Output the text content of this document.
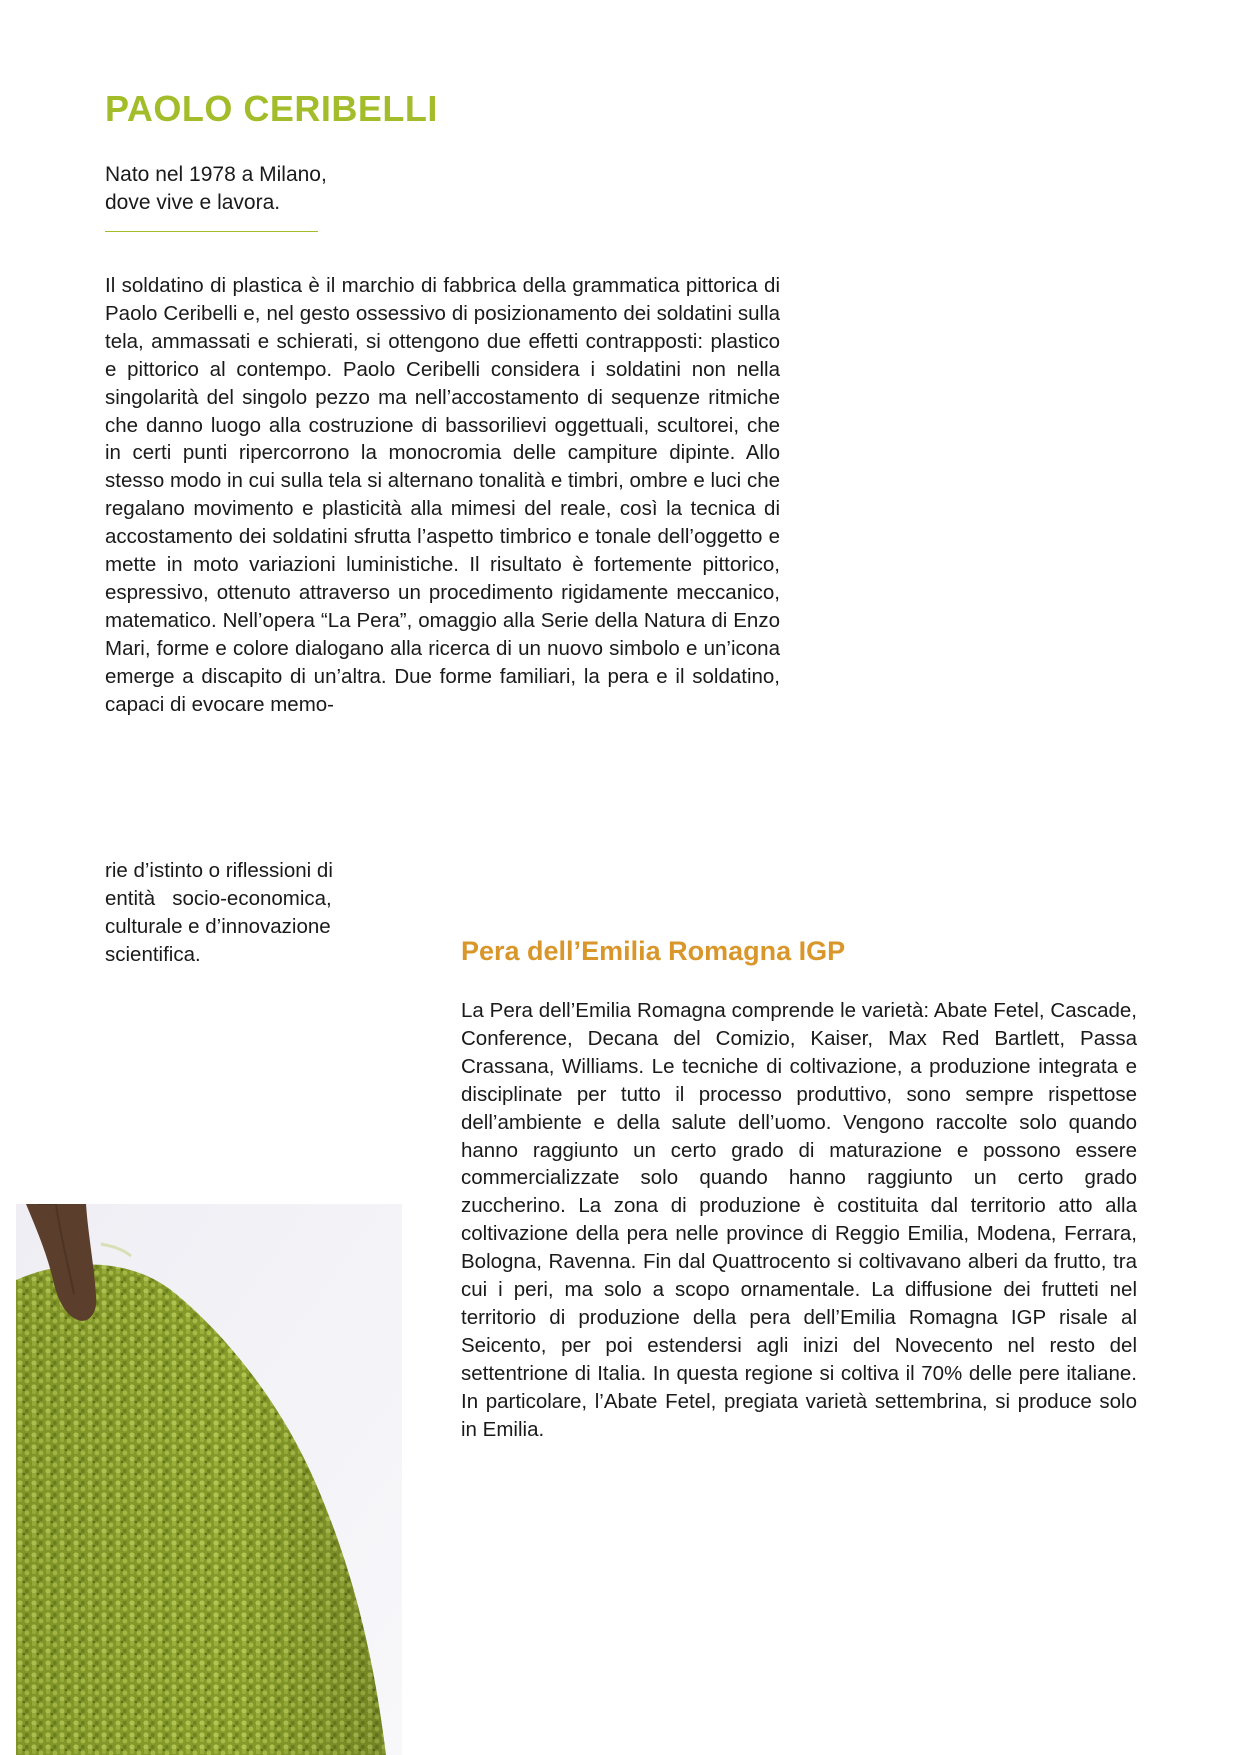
PAOLO CERIBELLI

Nato nel 1978 a Milano,
dove vive e lavora.

Il soldatino di plastica è il marchio di fabbrica della grammatica pittorica di Paolo Ceribelli e, nel gesto ossessivo di posizionamento dei soldatini sulla tela, ammassati e schierati, si ottengono due effetti contrapposti: plastico e pittorico al contempo. Paolo Ceribelli considera i soldatini non nella singolarità del singolo pezzo ma nell’accostamento di sequenze ritmiche che danno luogo alla costruzione di bassorilievi oggettuali, scultorei, che in certi punti ripercorrono la monocromia delle campiture dipinte. Allo stesso modo in cui sulla tela si alternano tonalità e timbri, ombre e luci che regalano movimento e plasticità alla mimesi del reale, così la tecnica di accostamento dei soldatini sfrutta l’aspetto timbrico e tonale dell’oggetto e mette in moto variazioni luministiche. Il risultato è fortemente pittorico, espressivo, ottenuto attraverso un procedimento rigidamente meccanico, matematico. Nell’opera “La Pera”, omaggio alla Serie della Natura di Enzo Mari, forme e colore dialogano alla ricerca di un nuovo simbolo e un’icona emerge a discapito di un’altra. Due forme familiari, la pera e il soldatino, capaci di evocare memo-

rie d’istinto o riflessioni di
entità   socio-economica,
culturale e d’innovazione
scientifica.	Pera dell’Emilia Romagna IGP

La Pera dell’Emilia Romagna comprende le varietà: Abate Fetel, Cascade, Conference, Decana del Comizio, Kaiser, Max Red Bartlett, Passa Crassana, Williams. Le tecniche di coltivazione, a produzione integrata e disciplinate per tutto il processo produttivo, sono sempre rispettose dell’ambiente e della salute dell’uomo. Vengono raccolte solo quando hanno raggiunto un certo grado di maturazione e possono essere commercializzate solo quando hanno raggiunto un certo grado zuccherino. La zona di produzione è costituita dal territorio atto alla coltivazione della pera nelle province di Reggio Emilia, Modena, Ferrara, Bologna, Ravenna. Fin dal Quattrocento si coltivavano alberi da frutto, tra cui i peri, ma solo a scopo ornamentale. La diffusione dei frutteti nel territorio di produzione della pera dell’Emilia Romagna IGP risale al Seicento, per poi estendersi agli inizi del Novecento nel resto del settentrione di Italia. In questa regione si coltiva il 70% delle pere italiane. In particolare, l’Abate Fetel, pregiata varietà settembrina, si produce solo in Emilia.
